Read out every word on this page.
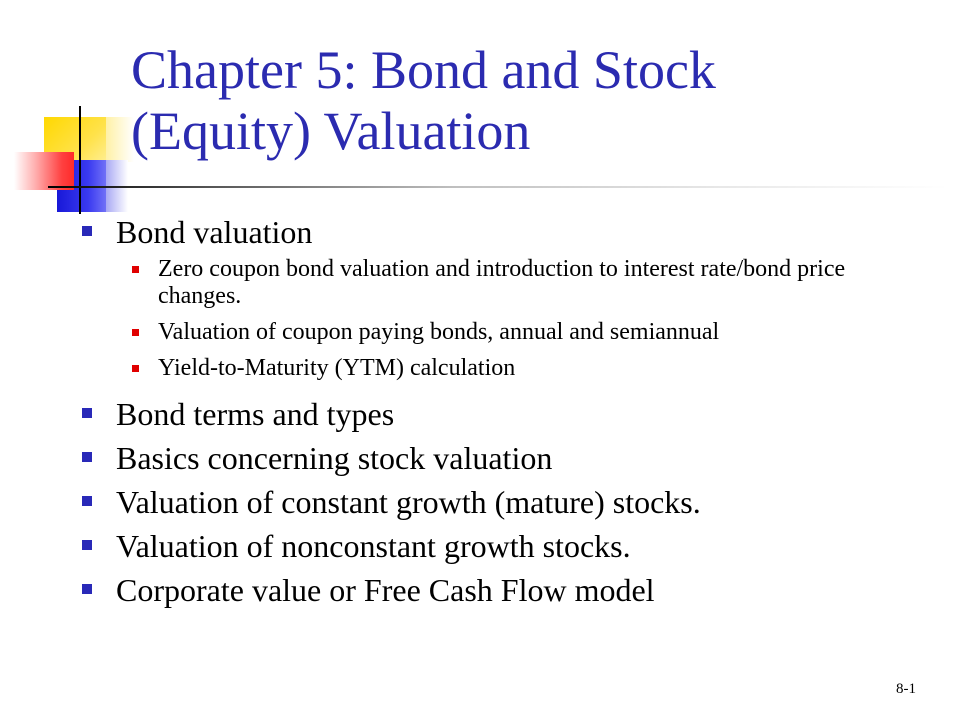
Chapter 5: Bond and Stock
(Equity) Valuation
Bond valuation
Zero coupon bond valuation and introduction to interest rate/bond price changes.
Valuation of coupon paying bonds, annual and semiannual
Yield-to-Maturity (YTM) calculation
Bond terms and types
Basics concerning stock valuation
Valuation of constant growth (mature) stocks.
Valuation of nonconstant growth stocks.
Corporate value or Free Cash Flow model
8-1
